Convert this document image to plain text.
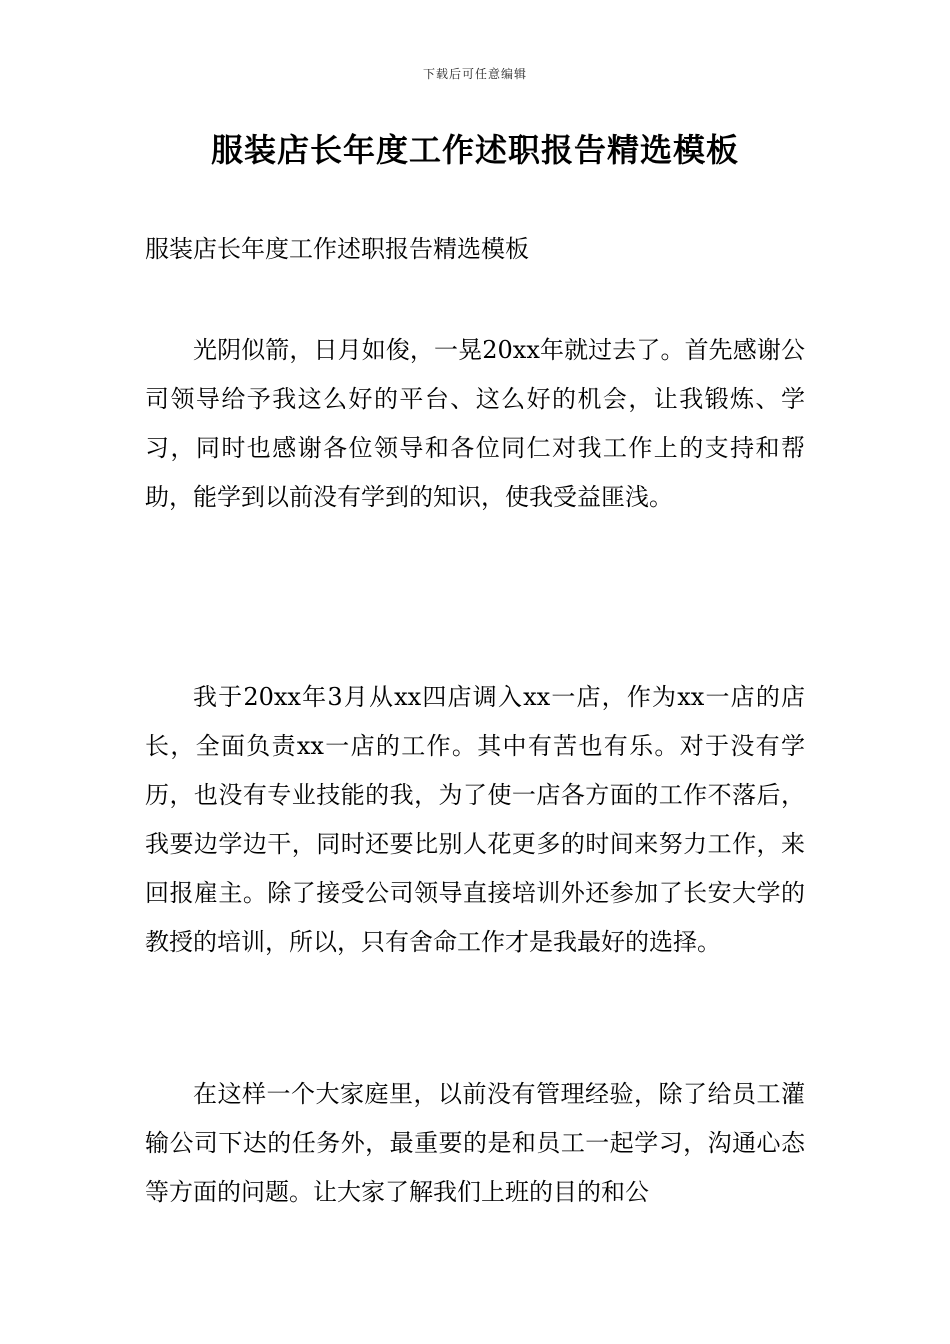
下载后可任意编辑
服装店长年度工作述职报告精选模板

服装店长年度工作述职报告精选模板

光阴似箭，日月如俊，一晃20xx年就过去了。首先感谢公司领导给予我这么好的平台、这么好的机会，让我锻炼、学习，同时也感谢各位领导和各位同仁对我工作上的支持和帮助，能学到以前没有学到的知识，使我受益匪浅。

我于20xx年3月从xx四店调入xx一店，作为xx一店的店长，全面负责xx一店的工作。其中有苦也有乐。对于没有学历，也没有专业技能的我，为了使一店各方面的工作不落后，我要边学边干，同时还要比别人花更多的时间来努力工作，来回报雇主。除了接受公司领导直接培训外还参加了长安大学的教授的培训，所以，只有舍命工作才是我最好的选择。

在这样一个大家庭里，以前没有管理经验，除了给员工灌输公司下达的任务外，最重要的是和员工一起学习，沟通心态等方面的问题。让大家了解我们上班的目的和公
